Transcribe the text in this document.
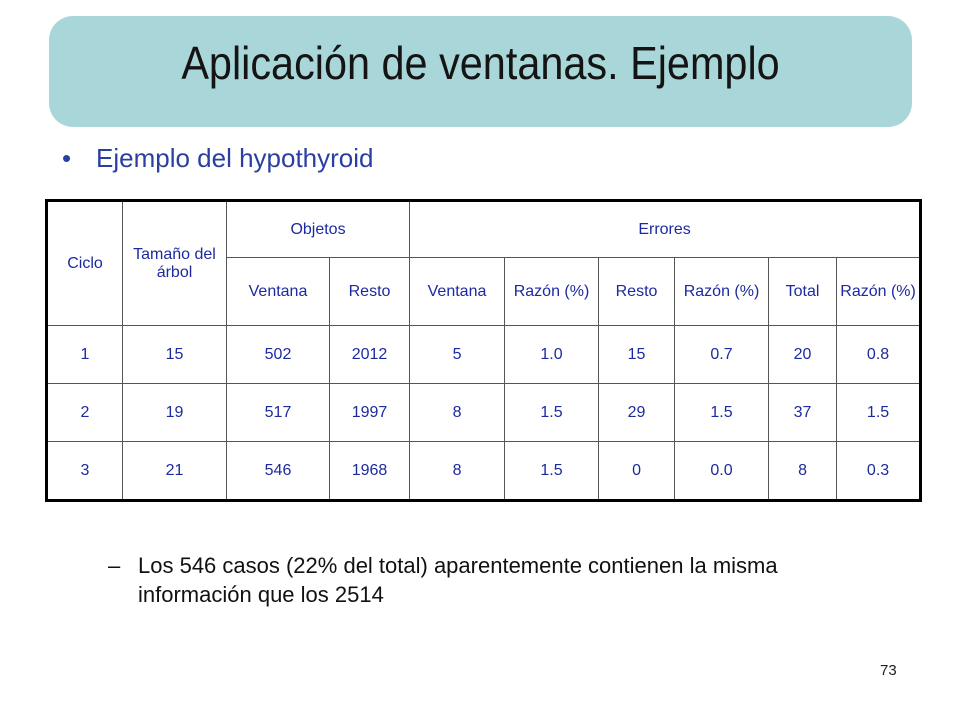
Aplicación de ventanas. Ejemplo
• Ejemplo del hypothyroid
Ciclo	Tamaño del árbol	Objetos		Errores					
		Ventana	Resto	Ventana	Razón (%)	Resto	Razón (%)	Total	Razón (%)
1	15	502	2012	5	1.0	15	0.7	20	0.8
2	19	517	1997	8	1.5	29	1.5	37	1.5
3	21	546	1968	8	1.5	0	0.0	8	0.3
– Los 546 casos (22% del total) aparentemente contienen la misma información que los 2514
73
